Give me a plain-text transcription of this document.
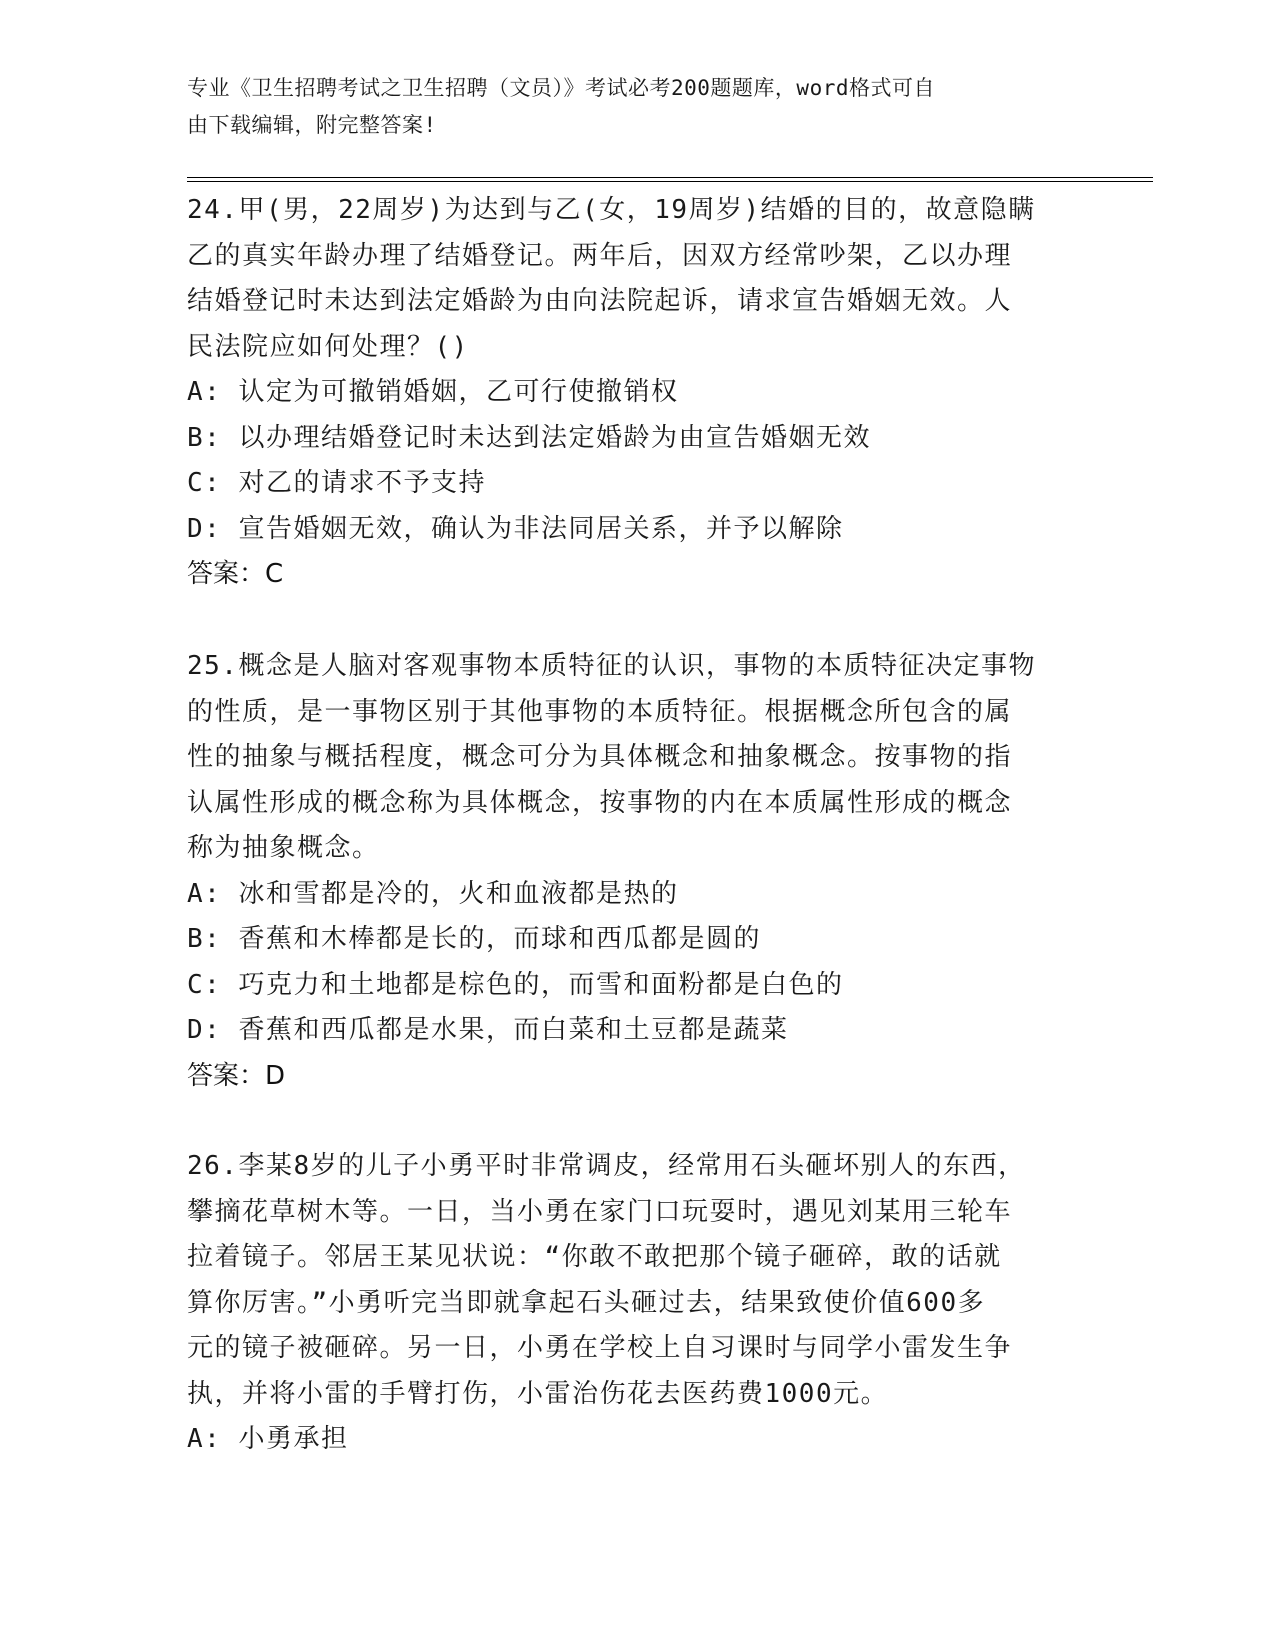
专业《卫生招聘考试之卫生招聘（文员）》考试必考200题题库，word格式可自
由下载编辑，附完整答案!
24.甲(男，22周岁)为达到与乙(女，19周岁)结婚的目的，故意隐瞒
乙的真实年龄办理了结婚登记。两年后，因双方经常吵架，乙以办理
结婚登记时未达到法定婚龄为由向法院起诉，请求宣告婚姻无效。人
民法院应如何处理？()
A: 认定为可撤销婚姻，乙可行使撤销权
B: 以办理结婚登记时未达到法定婚龄为由宣告婚姻无效
C: 对乙的请求不予支持
D: 宣告婚姻无效，确认为非法同居关系，并予以解除
答案：C
25.概念是人脑对客观事物本质特征的认识，事物的本质特征决定事物
的性质，是一事物区别于其他事物的本质特征。根据概念所包含的属
性的抽象与概括程度，概念可分为具体概念和抽象概念。按事物的指
认属性形成的概念称为具体概念，按事物的内在本质属性形成的概念
称为抽象概念。
A: 冰和雪都是冷的，火和血液都是热的
B: 香蕉和木棒都是长的，而球和西瓜都是圆的
C: 巧克力和土地都是棕色的，而雪和面粉都是白色的
D: 香蕉和西瓜都是水果，而白菜和土豆都是蔬菜
答案：D
26.李某8岁的儿子小勇平时非常调皮，经常用石头砸坏别人的东西，
攀摘花草树木等。一日，当小勇在家门口玩耍时，遇见刘某用三轮车
拉着镜子。邻居王某见状说：“你敢不敢把那个镜子砸碎，敢的话就
算你厉害。”小勇听完当即就拿起石头砸过去，结果致使价值600多
元的镜子被砸碎。另一日，小勇在学校上自习课时与同学小雷发生争
执，并将小雷的手臂打伤，小雷治伤花去医药费1000元。
A: 小勇承担
